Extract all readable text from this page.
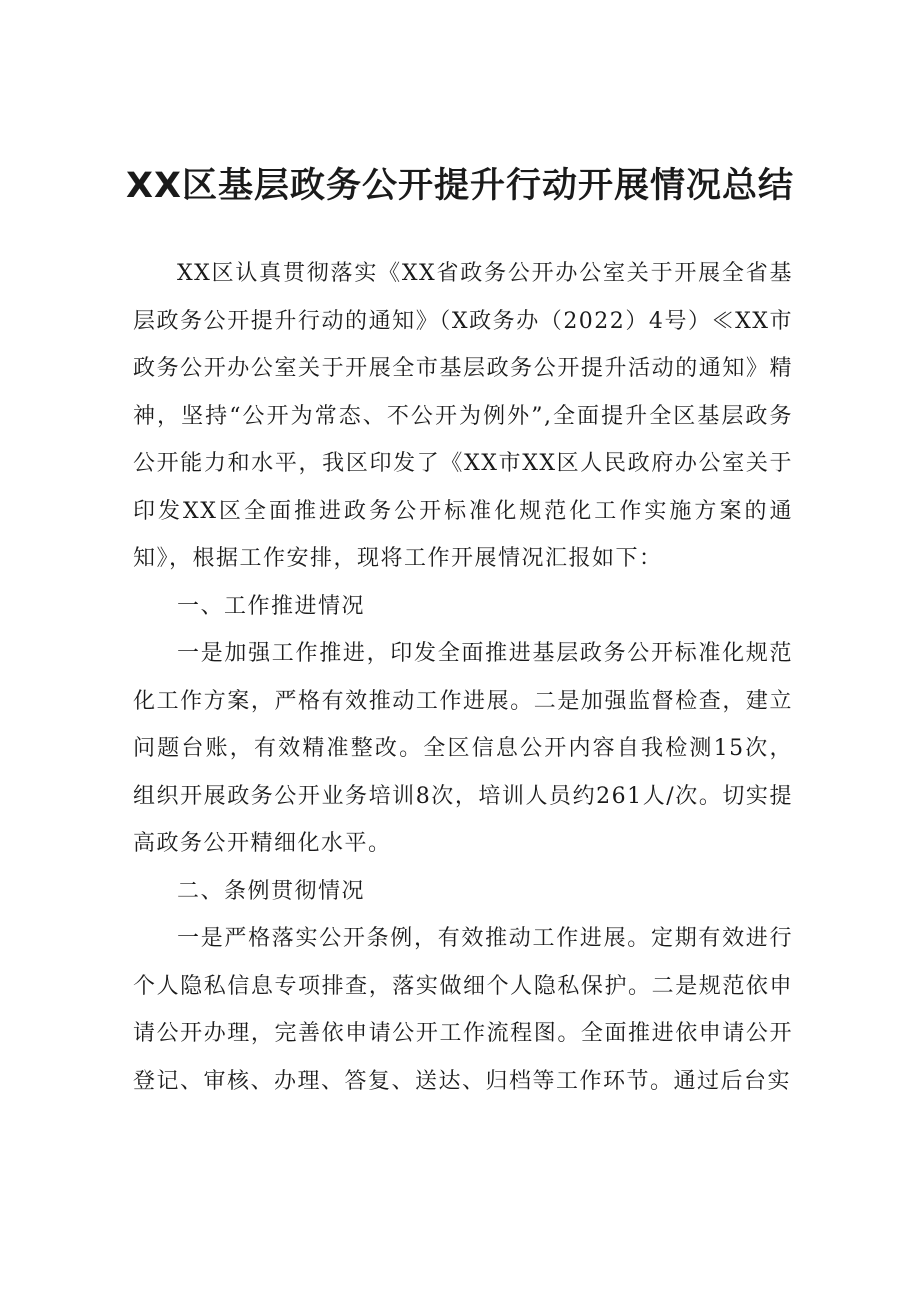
XX区基层政务公开提升行动开展情况总结

XX区认真贯彻落实《XX省政务公开办公室关于开展全省基层政务公开提升行动的通知》（X政务办（2022）4号）≪XX市政务公开办公室关于开展全市基层政务公开提升活动的通知》精神，坚持“公开为常态、不公开为例外”,全面提升全区基层政务公开能力和水平，我区印发了《XX市XX区人民政府办公室关于印发XX区全面推进政务公开标准化规范化工作实施方案的通知》，根据工作安排，现将工作开展情况汇报如下：

一、工作推进情况

一是加强工作推进，印发全面推进基层政务公开标准化规范化工作方案，严格有效推动工作进展。二是加强监督检查，建立问题台账，有效精准整改。全区信息公开内容自我检测15次，组织开展政务公开业务培训8次，培训人员约261人/次。切实提高政务公开精细化水平。

二、条例贯彻情况

一是严格落实公开条例，有效推动工作进展。定期有效进行个人隐私信息专项排查，落实做细个人隐私保护。二是规范依申请公开办理，完善依申请公开工作流程图。全面推进依申请公开登记、审核、办理、答复、送达、归档等工作环节。通过后台实
